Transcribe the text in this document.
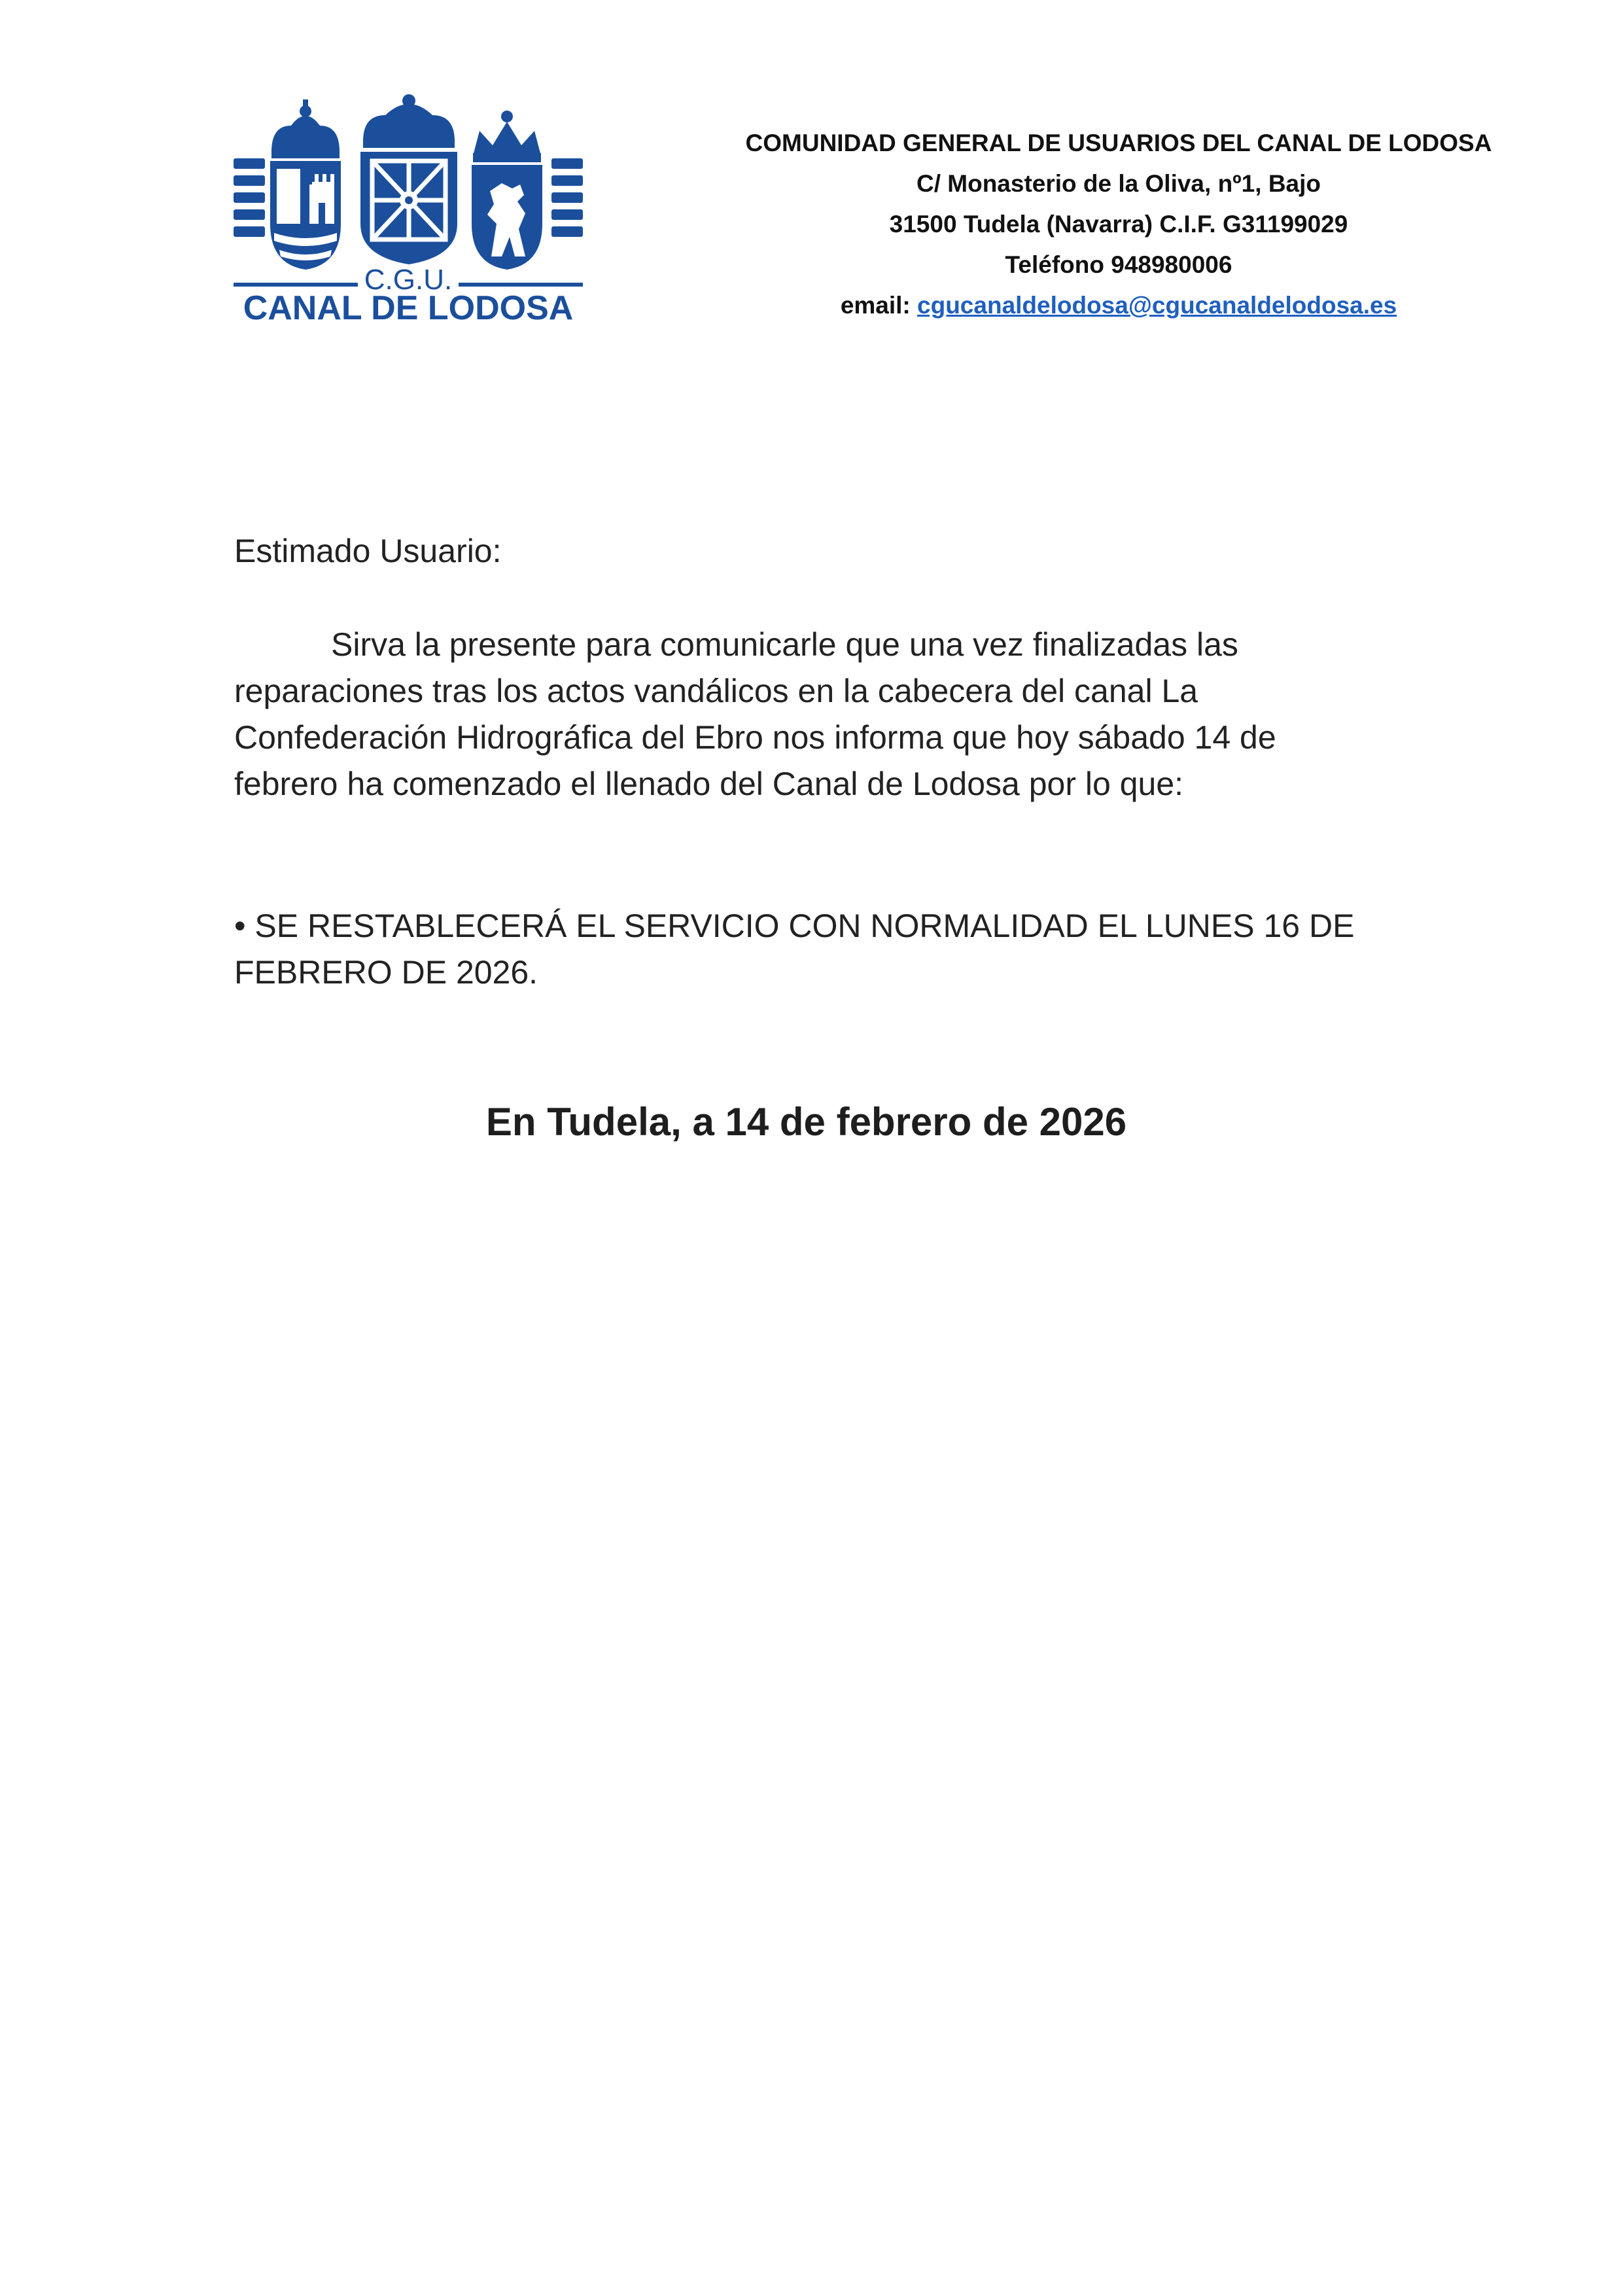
C.G.U.
CANAL DE LODOSA
COMUNIDAD GENERAL DE USUARIOS DEL CANAL DE LODOSA
C/ Monasterio de la Oliva, nº1, Bajo
31500 Tudela (Navarra) C.I.F. G31199029
Teléfono 948980006
email: cgucanaldelodosa@cgucanaldelodosa.es
Estimado Usuario:
Sirva la presente para comunicarle que una vez finalizadas las
reparaciones tras los actos vandálicos en la cabecera del canal La
Confederación Hidrográfica del Ebro nos informa que hoy sábado 14 de
febrero ha comenzado el llenado del Canal de Lodosa por lo que:
• SE RESTABLECERÁ EL SERVICIO CON NORMALIDAD EL LUNES 16 DE
FEBRERO DE 2026.
En Tudela, a 14 de febrero de 2026
